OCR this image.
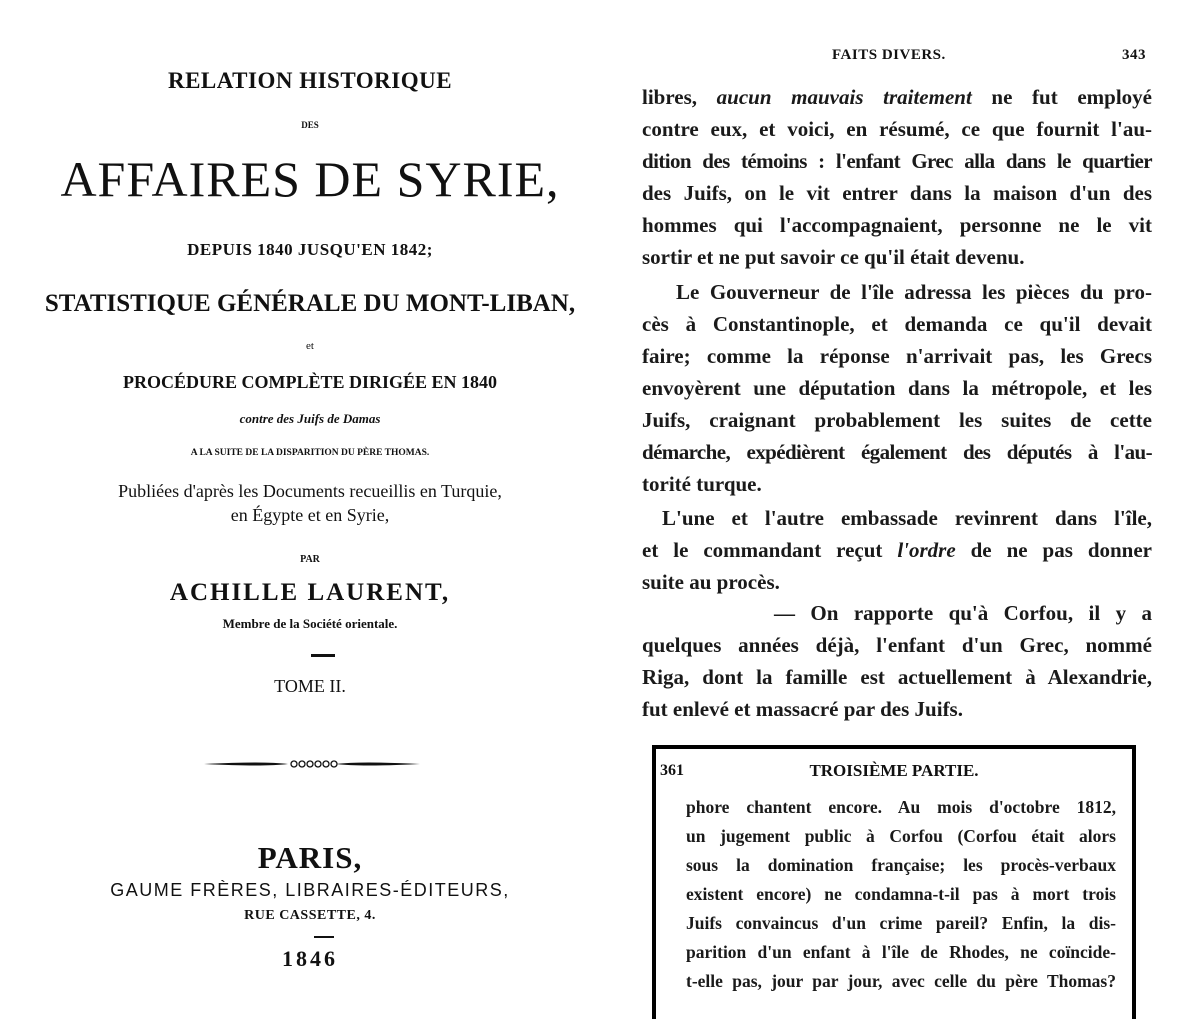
RELATION HISTORIQUE
DES
AFFAIRES DE SYRIE,
DEPUIS 1840 JUSQU'EN 1842;
STATISTIQUE GÉNÉRALE DU MONT-LIBAN,
et
PROCÉDURE COMPLÈTE DIRIGÉE EN 1840
contre des Juifs de Damas
A LA SUITE DE LA DISPARITION DU PÈRE THOMAS.
Publiées d'après les Documents recueillis en Turquie,
en Égypte et en Syrie,
PAR
ACHILLE LAURENT,
Membre de la Société orientale.
TOME II.
PARIS,
GAUME FRÈRES, LIBRAIRES-ÉDITEURS,
RUE CASSETTE, 4.
1846
FAITS DIVERS.	343
libres, aucun mauvais traitement ne fut employé
contre eux, et voici, en résumé, ce que fournit l'au-
dition des témoins : l'enfant Grec alla dans le quartier
des Juifs, on le vit entrer dans la maison d'un des
hommes qui l'accompagnaient, personne ne le vit
sortir et ne put savoir ce qu'il était devenu.
Le Gouverneur de l'île adressa les pièces du pro-
cès à Constantinople, et demanda ce qu'il devait
faire; comme la réponse n'arrivait pas, les Grecs
envoyèrent une députation dans la métropole, et les
Juifs, craignant probablement les suites de cette
démarche, expédièrent également des députés à l'au-
torité turque.
L'une et l'autre embassade revinrent dans l'île,
et le commandant reçut l'ordre de ne pas donner
suite au procès.
— On rapporte qu'à Corfou, il y a
quelques années déjà, l'enfant d'un Grec, nommé
Riga, dont la famille est actuellement à Alexandrie,
fut enlevé et massacré par des Juifs.
361	TROISIÈME PARTIE.
phore chantent encore. Au mois d'octobre 1812,
un jugement public à Corfou (Corfou était alors
sous la domination française; les procès-verbaux
existent encore) ne condamna-t-il pas à mort trois
Juifs convaincus d'un crime pareil? Enfin, la dis-
parition d'un enfant à l'île de Rhodes, ne coïncide-
t-elle pas, jour par jour, avec celle du père Thomas?
